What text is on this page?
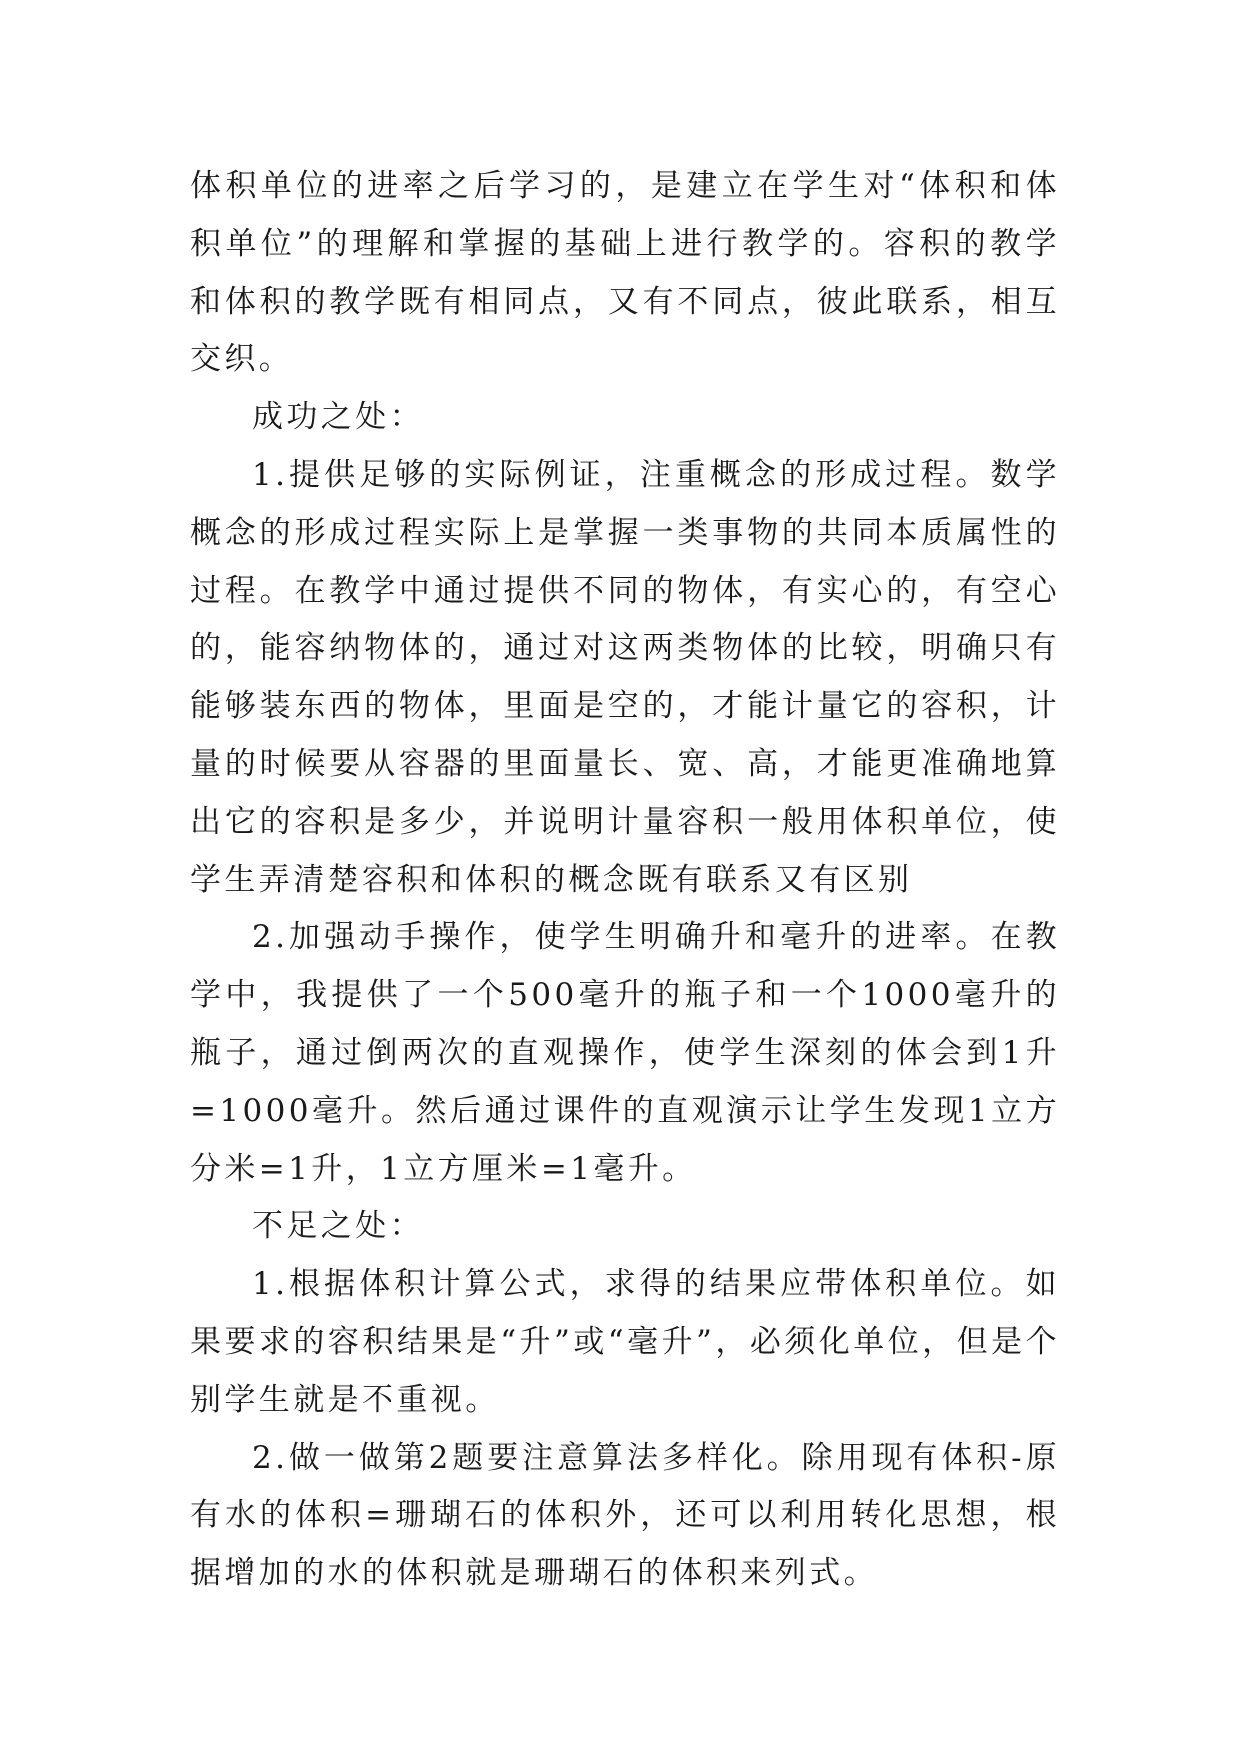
体积单位的进率之后学习的，是建立在学生对“体积和体积单位”的理解和掌握的基础上进行教学的。容积的教学和体积的教学既有相同点，又有不同点，彼此联系，相互交织。

成功之处：

1.提供足够的实际例证，注重概念的形成过程。数学概念的形成过程实际上是掌握一类事物的共同本质属性的过程。在教学中通过提供不同的物体，有实心的，有空心的，能容纳物体的，通过对这两类物体的比较，明确只有能够装东西的物体，里面是空的，才能计量它的容积，计量的时候要从容器的里面量长、宽、高，才能更准确地算出它的容积是多少，并说明计量容积一般用体积单位，使学生弄清楚容积和体积的概念既有联系又有区别

2.加强动手操作，使学生明确升和毫升的进率。在教学中，我提供了一个500毫升的瓶子和一个1000毫升的瓶子，通过倒两次的直观操作，使学生深刻的体会到1升=1000毫升。然后通过课件的直观演示让学生发现1立方分米=1升，1立方厘米=1毫升。

不足之处：

1.根据体积计算公式，求得的结果应带体积单位。如果要求的容积结果是“升”或“毫升”，必须化单位，但是个别学生就是不重视。

2.做一做第2题要注意算法多样化。除用现有体积-原有水的体积=珊瑚石的体积外，还可以利用转化思想，根据增加的水的体积就是珊瑚石的体积来列式。
